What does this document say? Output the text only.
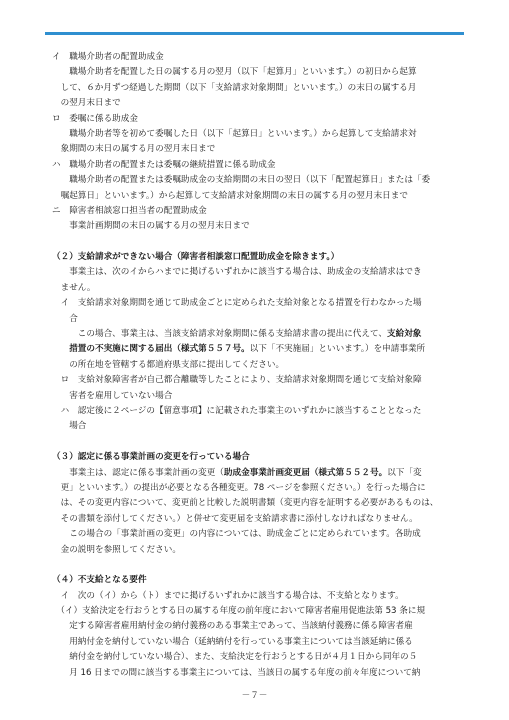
イ　職場介助者の配置助成金
　　職場介助者を配置した日の属する月の翌月（以下「起算月」といいます。）の初日から起算
　して、６か月ずつ経過した期間（以下「支給請求対象期間」といいます。）の末日の属する月
　の翌月末日まで
ロ　委嘱に係る助成金
　　職場介助者等を初めて委嘱した日（以下「起算日」といいます。）から起算して支給請求対
　象期間の末日の属する月の翌月末日まで
ハ　職場介助者の配置または委嘱の継続措置に係る助成金
　　職場介助者の配置または委嘱助成金の支給期間の末日の翌日（以下「配置起算日」または「委
　嘱起算日」といいます。）から起算して支給請求対象期間の末日の属する月の翌月末日まで
ニ　障害者相談窓口担当者の配置助成金
　　事業計画期間の末日の属する月の翌月末日まで
（２）支給請求ができない場合（障害者相談窓口配置助成金を除きます。）
　　事業主は、次のイからハまでに掲げるいずれかに該当する場合は、助成金の支給請求はでき
　ません。
　イ　支給請求対象期間を通じて助成金ごとに定められた支給対象となる措置を行わなかった場
　　合
　　　この場合、事業主は、当該支給請求対象期間に係る支給請求書の提出に代えて、支給対象
　　措置の不実施に関する届出（様式第５５７号。以下「不実施届」といいます。）を申請事業所
　　の所在地を管轄する都道府県支部に提出してください。
　ロ　支給対象障害者が自己都合離職等したことにより、支給請求対象期間を通じて支給対象障
　　害者を雇用していない場合
　ハ　認定後に２ページの【留意事項】に記載された事業主のいずれかに該当することとなった
　　場合
（３）認定に係る事業計画の変更を行っている場合
　　事業主は、認定に係る事業計画の変更（助成金事業計画変更届（様式第５５２号。以下「変
　更」といいます。）の提出が必要となる各種変更。78 ページを参照ください。）を行った場合に
　は、その変更内容について、変更前と比較した説明書類（変更内容を証明する必要があるものは、
　その書類を添付してください。）と併せて変更届を支給請求書に添付しなければなりません。
　　この場合の「事業計画の変更」の内容については、助成金ごとに定められています。各助成
　金の説明を参照してください。
（４）不支給となる要件
　イ　次の（イ）から（ト）までに掲げるいずれかに該当する場合は、不支給となります。
　（イ）支給決定を行おうとする日の属する年度の前年度において障害者雇用促進法第 53 条に規
　　定する障害者雇用納付金の納付義務のある事業主であって、当該納付義務に係る障害者雇
　　用納付金を納付していない場合（延納納付を行っている事業主については当該延納に係る
　　納付金を納付していない場合）、また、支給決定を行おうとする日が４月１日から同年の５
　　月 16 日までの間に該当する事業主については、当該日の属する年度の前々年度について納
－７－
